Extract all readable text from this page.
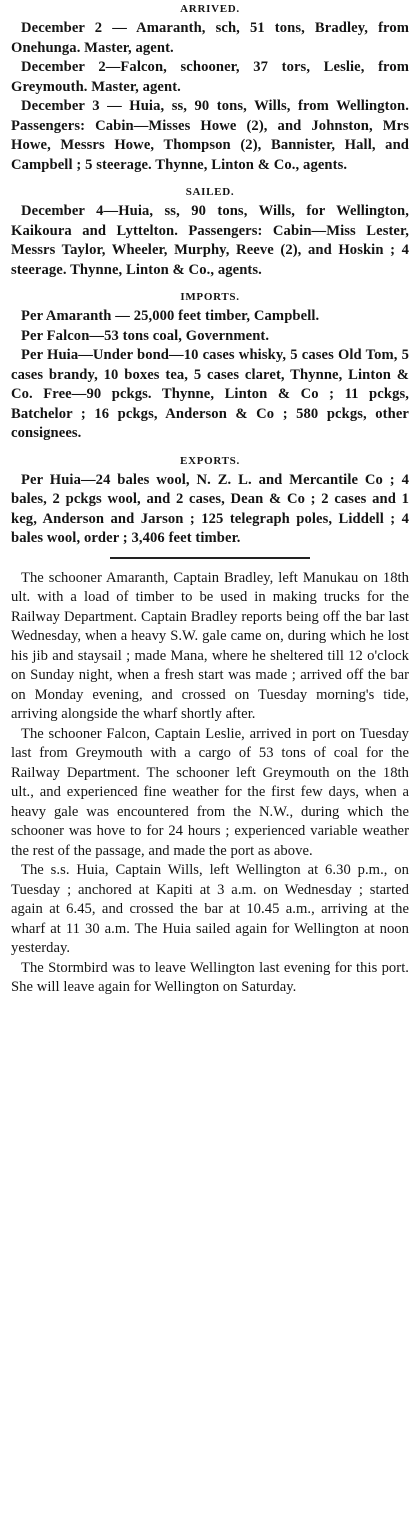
ARRIVED.

December 2 — Amaranth, sch, 51 tons, Bradley, from Onehunga. Master, agent.

December 2—Falcon, schooner, 37 tors, Leslie, from Greymouth. Master, agent.

December 3 — Huia, ss, 90 tons, Wills, from Wellington. Passengers: Cabin—Misses Howe (2), and Johnston, Mrs Howe, Messrs Howe, Thompson (2), Bannister, Hall, and Campbell ; 5 steerage. Thynne, Linton & Co., agents.

SAILED.

December 4—Huia, ss, 90 tons, Wills, for Wellington, Kaikoura and Lyttelton. Passengers: Cabin—Miss Lester, Messrs Taylor, Wheeler, Murphy, Reeve (2), and Hoskin ; 4 steerage. Thynne, Linton & Co., agents.

IMPORTS.

Per Amaranth — 25,000 feet timber, Campbell.

Per Falcon—53 tons coal, Government.

Per Huia—Under bond—10 cases whisky, 5 cases Old Tom, 5 cases brandy, 10 boxes tea, 5 cases claret, Thynne, Linton & Co. Free—90 pckgs. Thynne, Linton & Co ; 11 pckgs, Batchelor ; 16 pckgs, Anderson & Co ; 580 pckgs, other consignees.

EXPORTS.

Per Huia—24 bales wool, N. Z. L. and Mercantile Co ; 4 bales, 2 pckgs wool, and 2 cases, Dean & Co ; 2 cases and 1 keg, Anderson and Jarson ; 125 telegraph poles, Liddell ; 4 bales wool, order ; 3,406 feet timber.

The schooner Amaranth, Captain Bradley, left Manukau on 18th ult. with a load of timber to be used in making trucks for the Railway Department. Captain Bradley reports being off the bar last Wednesday, when a heavy S.W. gale came on, during which he lost his jib and staysail ; made Mana, where he sheltered till 12 o'clock on Sunday night, when a fresh start was made ; arrived off the bar on Monday evening, and crossed on Tuesday morning's tide, arriving alongside the wharf shortly after.

The schooner Falcon, Captain Leslie, arrived in port on Tuesday last from Greymouth with a cargo of 53 tons of coal for the Railway Department. The schooner left Greymouth on the 18th ult., and experienced fine weather for the first few days, when a heavy gale was encountered from the N.W., during which the schooner was hove to for 24 hours ; experienced variable weather the rest of the passage, and made the port as above.

The s.s. Huia, Captain Wills, left Wellington at 6.30 p.m., on Tuesday ; anchored at Kapiti at 3 a.m. on Wednesday ; started again at 6.45, and crossed the bar at 10.45 a.m., arriving at the wharf at 11 30 a.m. The Huia sailed again for Wellington at noon yesterday.

The Stormbird was to leave Wellington last evening for this port. She will leave again for Wellington on Saturday.
